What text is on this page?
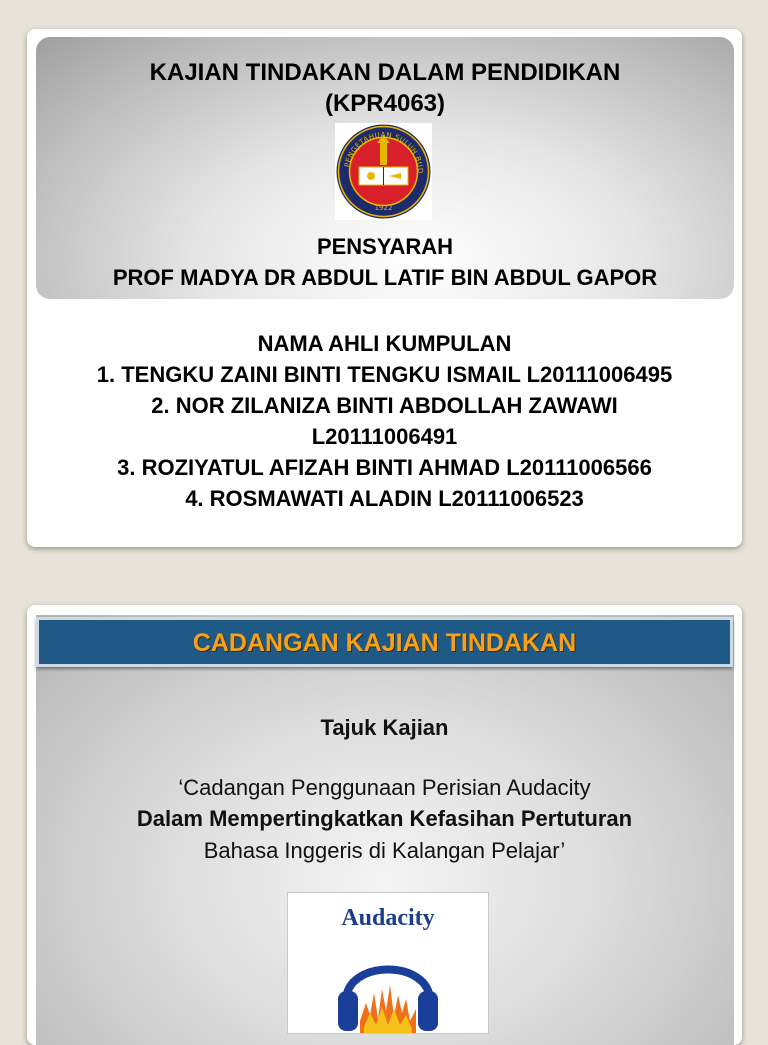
KAJIAN TINDAKAN DALAM PENDIDIKAN
(KPR4063)
PENSYARAH
PROF MADYA DR ABDUL LATIF BIN ABDUL GAPOR
PENGETAHUAN SULUH BUD
1922
NAMA AHLI KUMPULAN
1. TENGKU ZAINI BINTI TENGKU ISMAIL L20111006495
2. NOR ZILANIZA BINTI ABDOLLAH ZAWAWI
L20111006491
3. ROZIYATUL AFIZAH BINTI AHMAD L20111006566
4. ROSMAWATI ALADIN L20111006523
CADANGAN KAJIAN TINDAKAN
Tajuk Kajian
‘Cadangan Penggunaan Perisian Audacity
Dalam Mempertingkatkan Kefasihan Pertuturan
Bahasa Inggeris di Kalangan Pelajar’
Audacity
